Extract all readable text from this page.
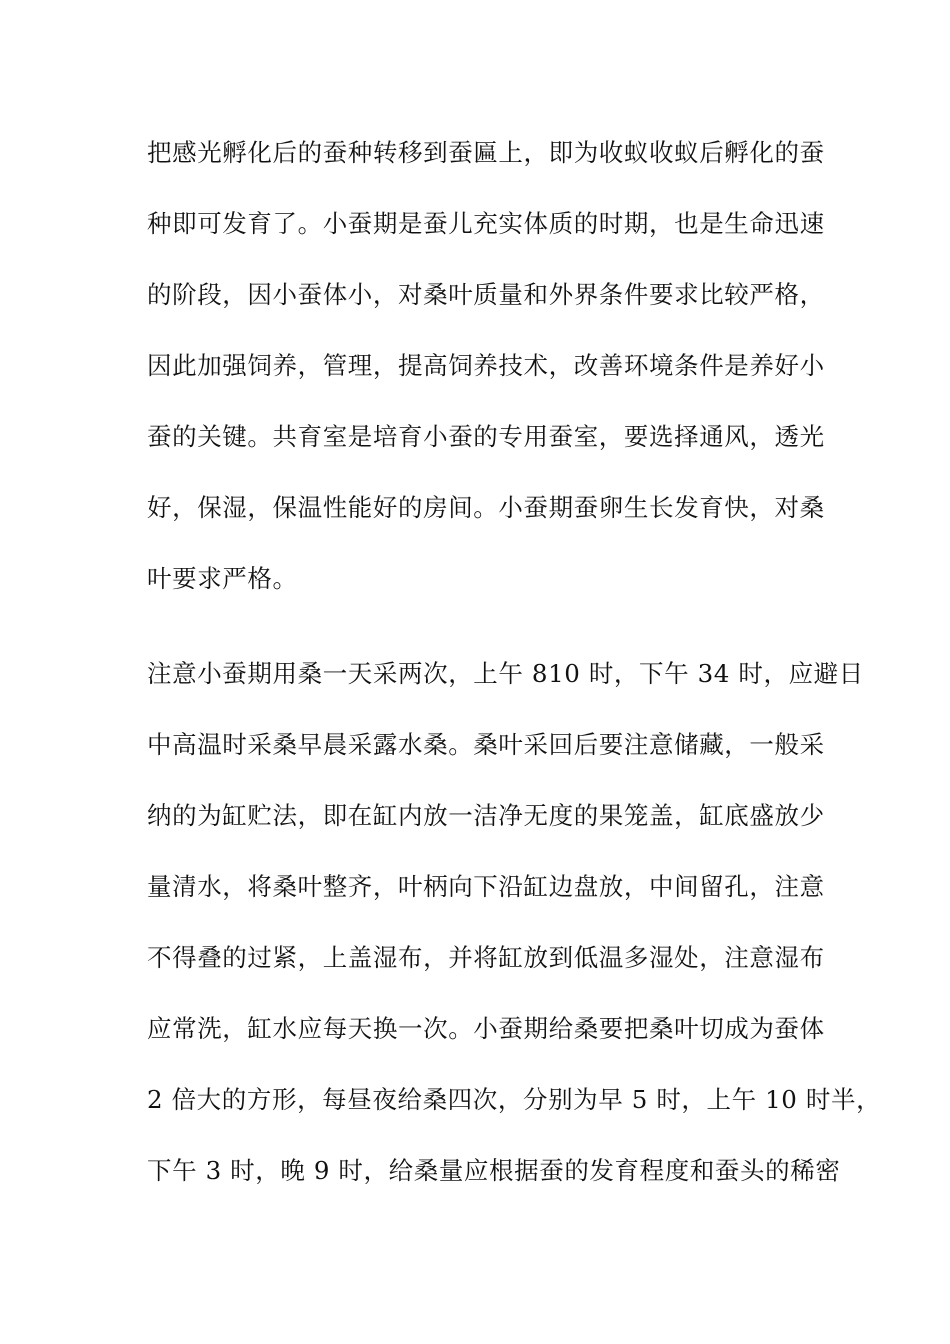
把感光孵化后的蚕种转移到蚕匾上，即为收蚁收蚁后孵化的蚕
种即可发育了。小蚕期是蚕儿充实体质的时期，也是生命迅速
的阶段，因小蚕体小，对桑叶质量和外界条件要求比较严格，
因此加强饲养，管理，提高饲养技术，改善环境条件是养好小
蚕的关键。共育室是培育小蚕的专用蚕室，要选择通风，透光
好，保湿，保温性能好的房间。小蚕期蚕卵生长发育快，对桑
叶要求严格。
注意小蚕期用桑一天采两次，上午 810 时，下午 34 时，应避日
中高温时采桑早晨采露水桑。桑叶采回后要注意储藏，一般采
纳的为缸贮法，即在缸内放一洁净无度的果笼盖，缸底盛放少
量清水，将桑叶整齐，叶柄向下沿缸边盘放，中间留孔，注意
不得叠的过紧，上盖湿布，并将缸放到低温多湿处，注意湿布
应常洗，缸水应每天换一次。小蚕期给桑要把桑叶切成为蚕体
2 倍大的方形，每昼夜给桑四次，分别为早 5 时，上午 10 时半，
下午 3 时，晚 9 时，给桑量应根据蚕的发育程度和蚕头的稀密
